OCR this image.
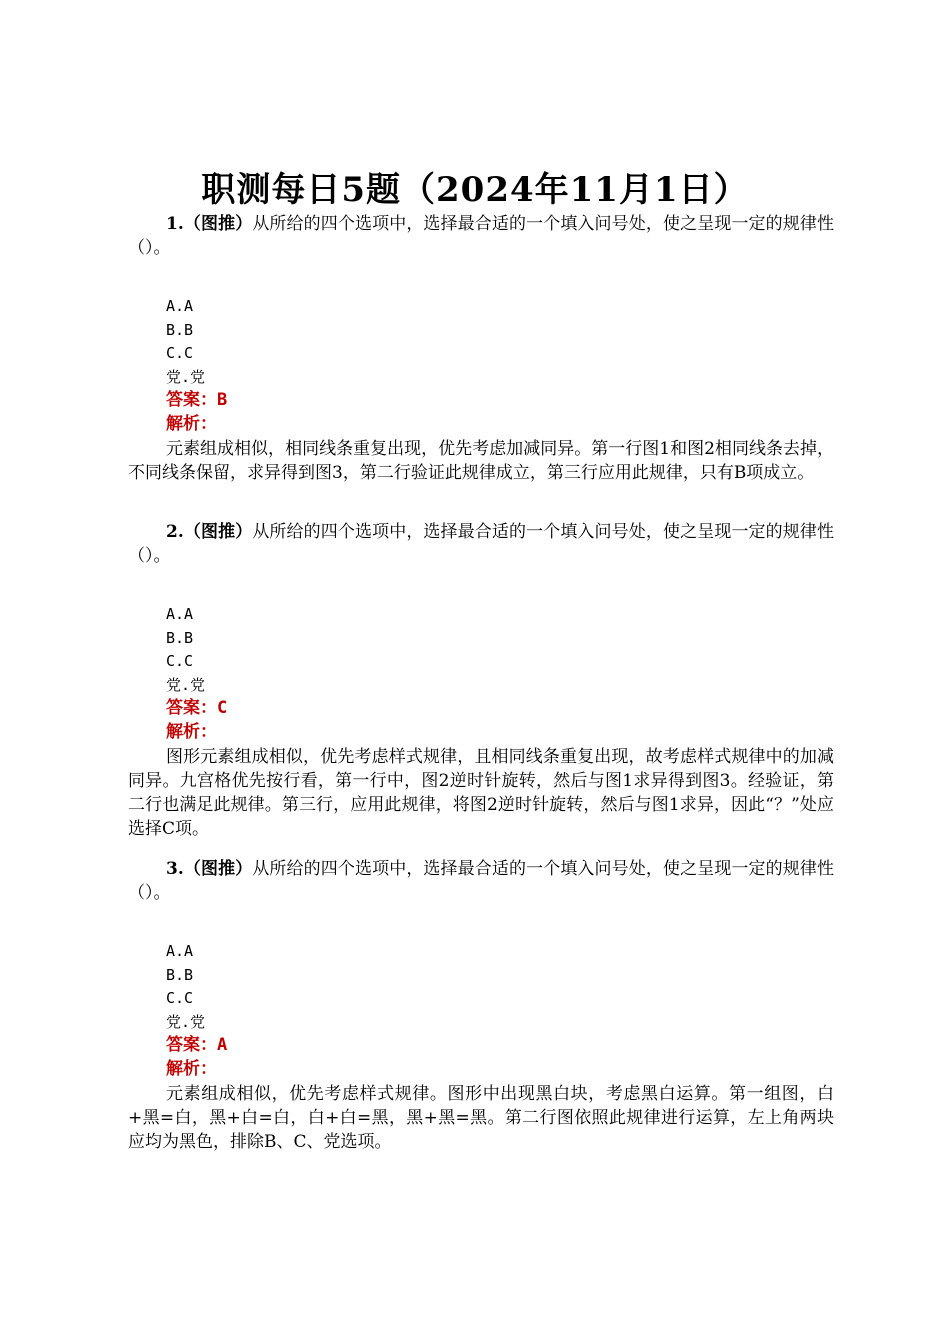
职测每日5题（2024年11月1日）

1.（图推）从所给的四个选项中，选择最合适的一个填入问号处，使之呈现一定的规律性（）。

A.A
B.B
C.C
党.党
答案：B
解析：

元素组成相似，相同线条重复出现，优先考虑加减同异。第一行图1和图2相同线条去掉，不同线条保留，求异得到图3，第二行验证此规律成立，第三行应用此规律，只有B项成立。

2.（图推）从所给的四个选项中，选择最合适的一个填入问号处，使之呈现一定的规律性（）。

A.A
B.B
C.C
党.党
答案：C
解析：

图形元素组成相似，优先考虑样式规律，且相同线条重复出现，故考虑样式规律中的加减同异。九宫格优先按行看，第一行中，图2逆时针旋转，然后与图1求异得到图3。经验证，第二行也满足此规律。第三行，应用此规律，将图2逆时针旋转，然后与图1求异，因此“？”处应选择C项。

3.（图推）从所给的四个选项中，选择最合适的一个填入问号处，使之呈现一定的规律性（）。

A.A
B.B
C.C
党.党
答案：A
解析：

元素组成相似，优先考虑样式规律。图形中出现黑白块，考虑黑白运算。第一组图，白+黑=白，黑+白=白，白+白=黑，黑+黑=黑。第二行图依照此规律进行运算，左上角两块应均为黑色，排除B、C、党选项。
